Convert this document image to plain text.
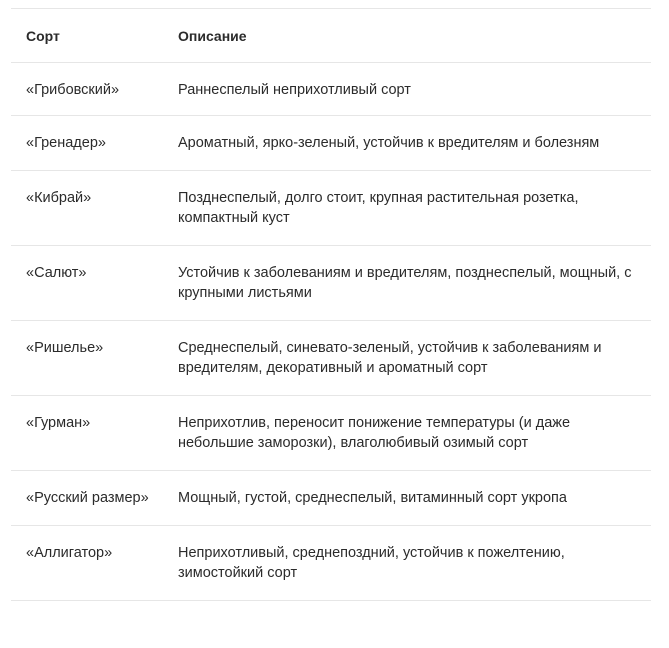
Сорт	Описание
«Грибовский»	Раннеспелый неприхотливый сорт
«Гренадер»	Ароматный, ярко-зеленый, устойчив к вредителям и болезням
«Кибрай»	Позднеспелый, долго стоит, крупная растительная розетка, компактный куст
«Салют»	Устойчив к заболеваниям и вредителям, позднеспелый, мощный, с крупными листьями
«Ришелье»	Среднеспелый, синевато-зеленый, устойчив к заболеваниям и вредителям, декоративный и ароматный сорт
«Гурман»	Неприхотлив, переносит понижение температуры (и даже небольшие заморозки), влаголюбивый озимый сорт
«Русский размер»	Мощный, густой, среднеспелый, витаминный сорт укропа
«Аллигатор»	Неприхотливый, среднепоздний, устойчив к пожелтению, зимостойкий сорт
